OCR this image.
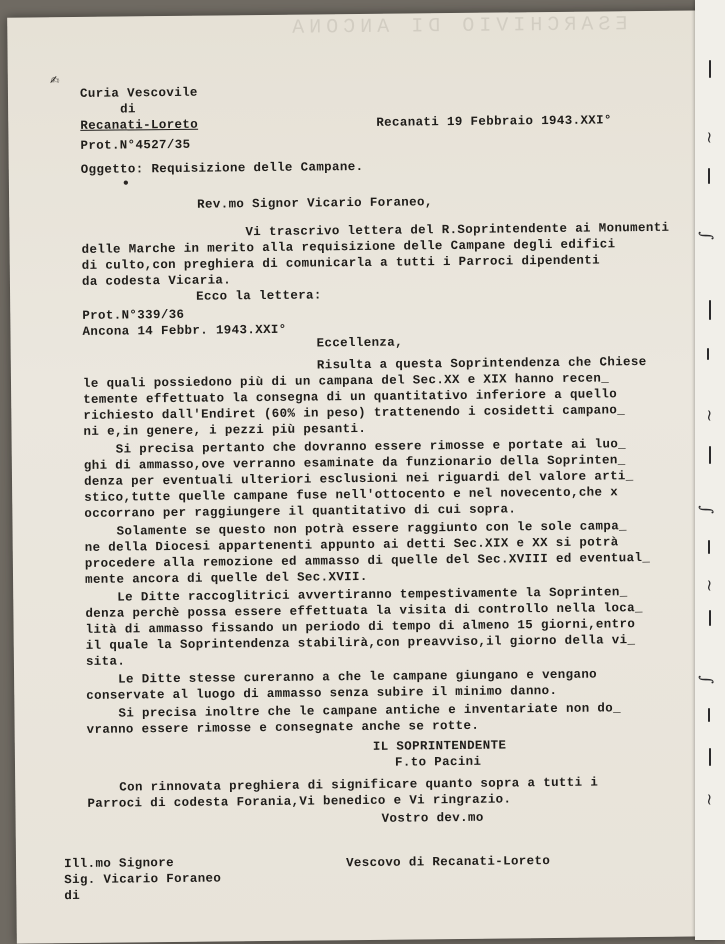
ESARCHIVIO DI ANCONA
✍
Curia Vescovile
di
Recanati-Loreto
Prot.N°4527/35
Recanati 19 Febbraio 1943.XXI°
Oggetto: Requisizione delle Campane.
●
Rev.mo Signor Vicario Foraneo,
Vi trascrivo lettera del R.Soprintendente ai Monumenti
delle Marche in merito alla requisizione delle Campane degli edifici
di culto,con preghiera di comunicarla a tutti i Parroci dipendenti
da codesta Vicaria.
Ecco la lettera:
Prot.N°339/36
Ancona 14 Febbr. 1943.XXI°
Eccellenza,
Risulta a questa Soprintendenza che Chiese
le quali possiedono più di un campana del Sec.XX e XIX hanno recen_
temente effettuato la consegna di un quantitativo inferiore a quello
richiesto dall'Endiret (60% in peso) trattenendo i cosidetti campano_
ni e,in genere, i pezzi più pesanti.
Si precisa pertanto che dovranno essere rimosse e portate ai luo_
ghi di ammasso,ove verranno esaminate da funzionario della Soprinten_
denza per eventuali ulteriori esclusioni nei riguardi del valore arti_
stico,tutte quelle campane fuse nell'ottocento e nel novecento,che x
occorrano per raggiungere il quantitativo di cui sopra.
Solamente se questo non potrà essere raggiunto con le sole campa_
ne della Diocesi appartenenti appunto ai detti Sec.XIX e XX si potrà
procedere alla remozione ed ammasso di quelle del Sec.XVIII ed eventual_
mente ancora di quelle del Sec.XVII.
Le Ditte raccoglitrici avvertiranno tempestivamente la Soprinten_
denza perchè possa essere effettuata la visita di controllo nella loca_
lità di ammasso fissando un periodo di tempo di almeno 15 giorni,entro
il quale la Soprintendenza stabilirà,con preavviso,il giorno della vi_
sita.
Le Ditte stesse cureranno a che le campane giungano e vengano
conservate al luogo di ammasso senza subire il minimo danno.
Si precisa inoltre che le campane antiche e inventariate non do_
vranno essere rimosse e consegnate anche se rotte.
IL SOPRINTENDENTE
F.to Pacini
Con rinnovata preghiera di significare quanto sopra a tutti i
Parroci di codesta Forania,Vi benedico e Vi ringrazio.
Vostro dev.mo
Vescovo di Recanati-Loreto
Ill.mo Signore
Sig. Vicario Foraneo
di
~
∫
~
∫
~
∫
~
